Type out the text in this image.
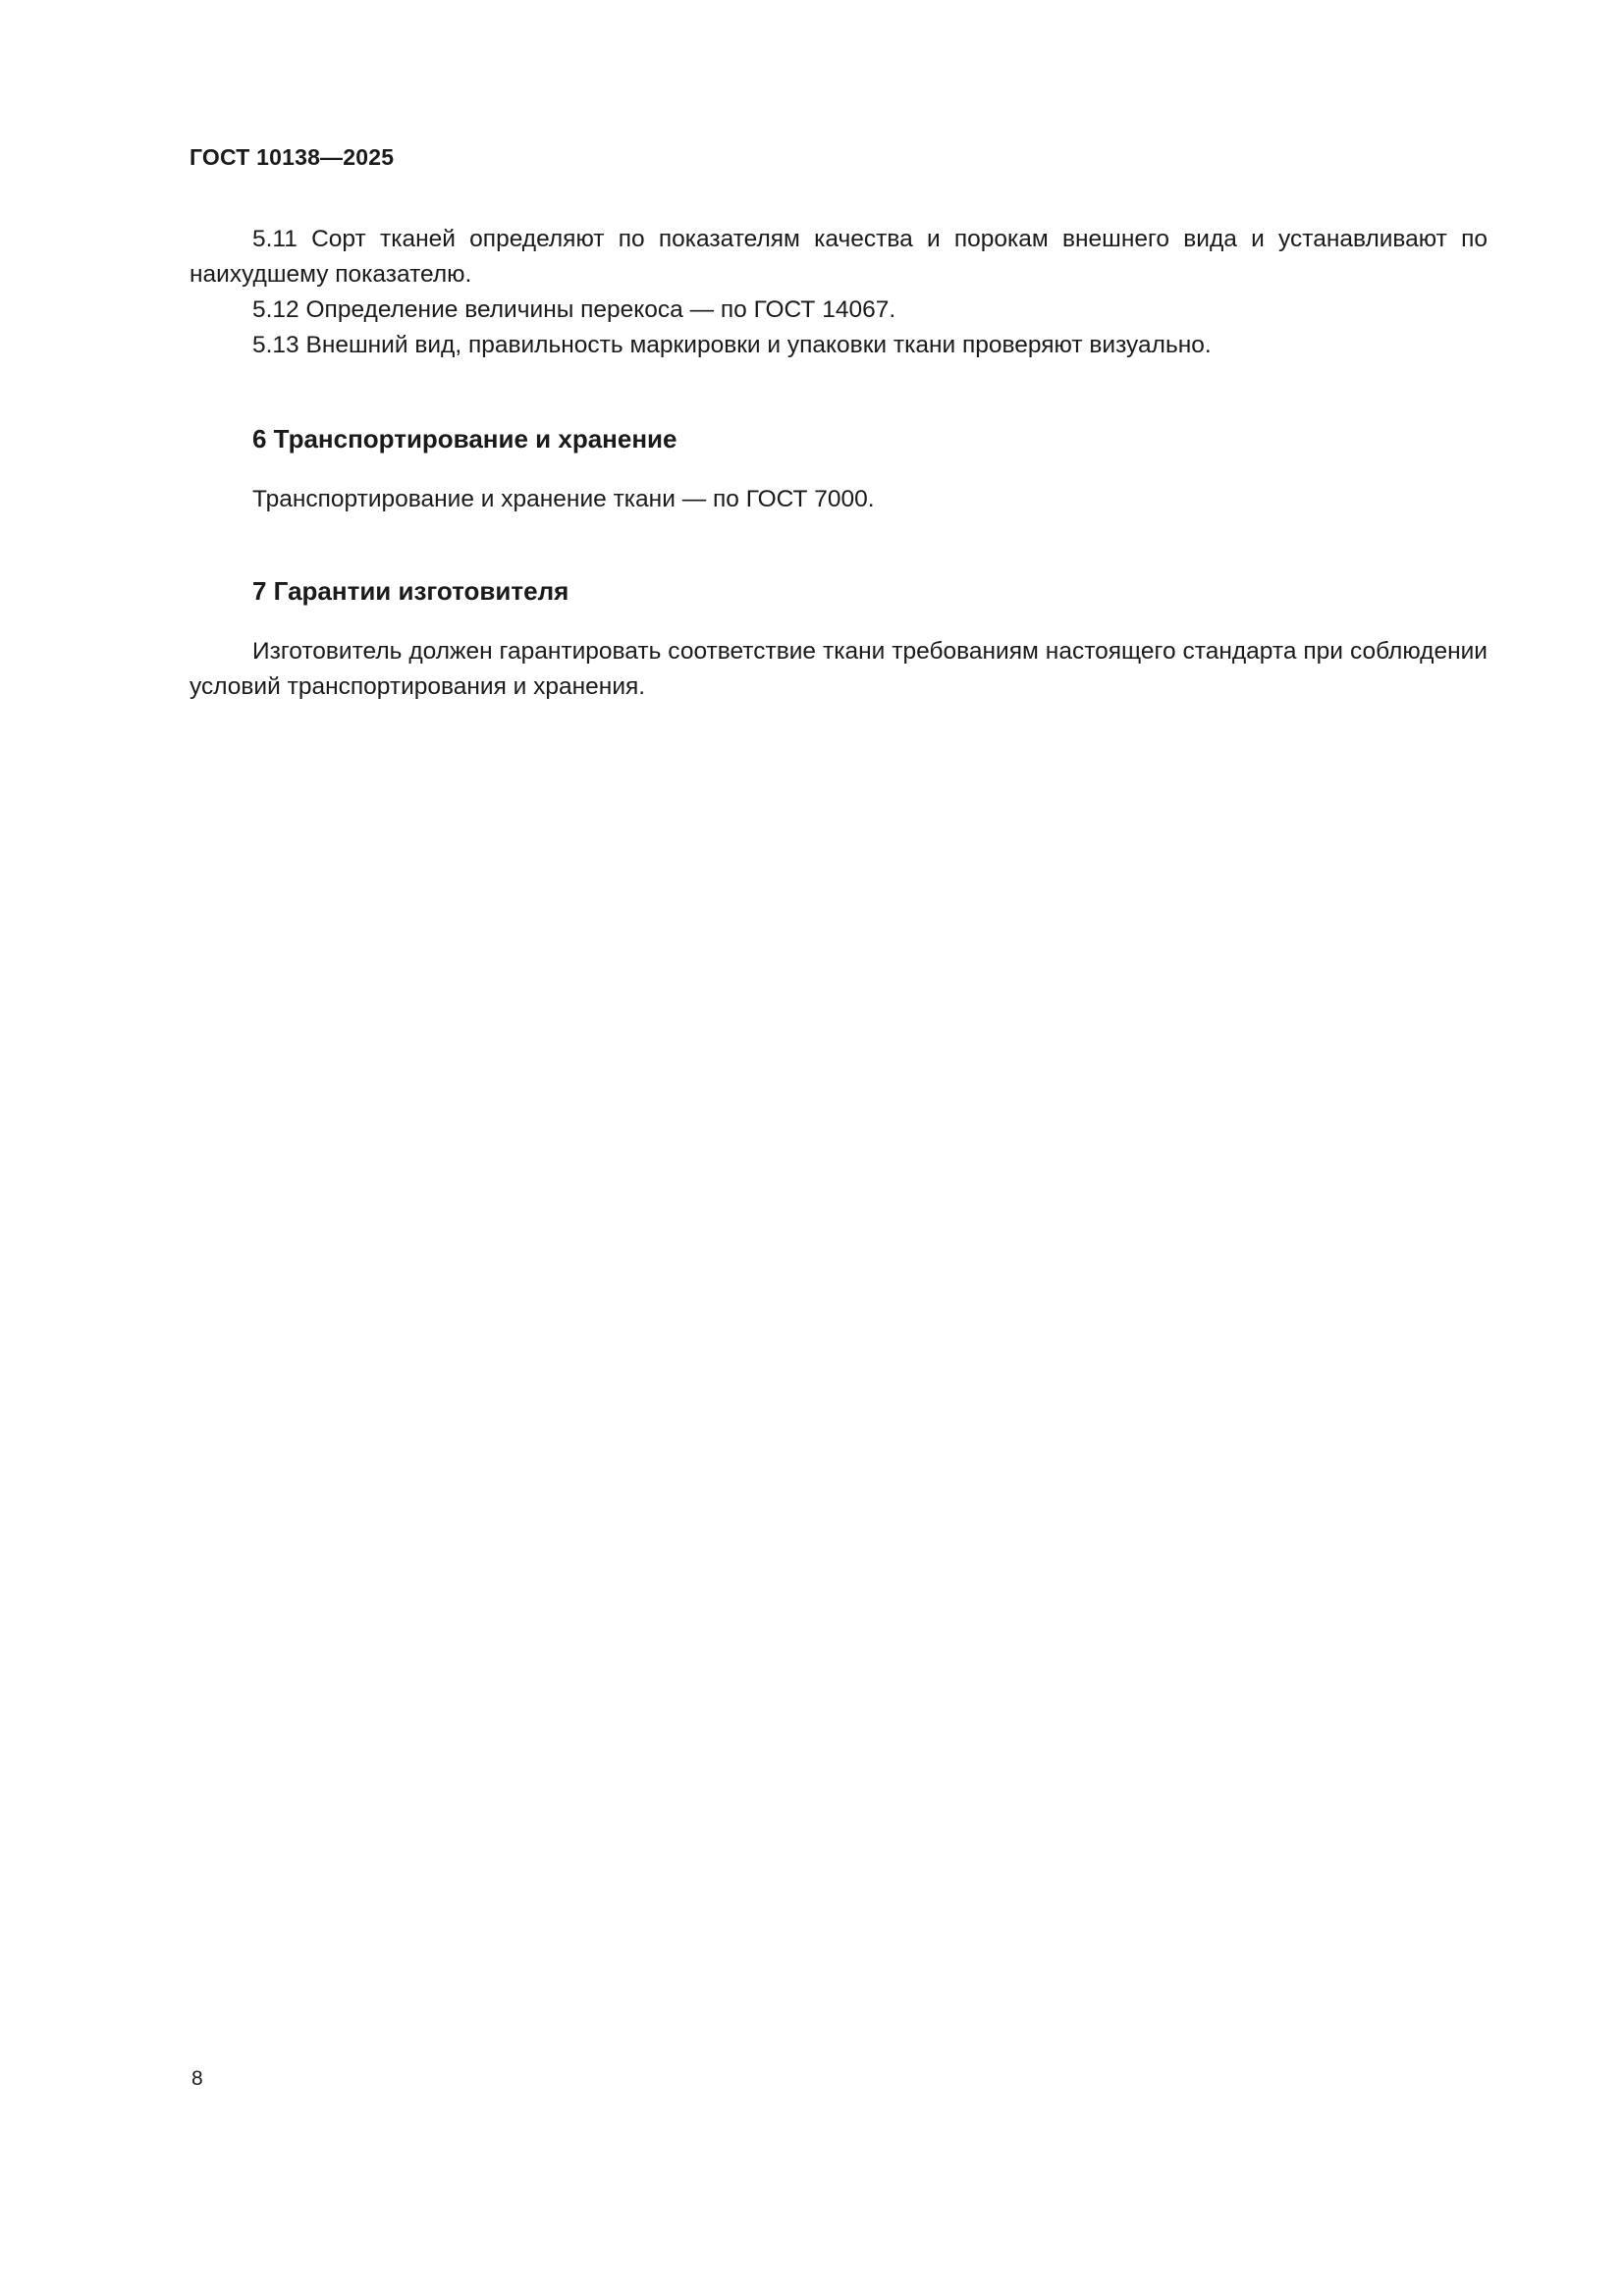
ГОСТ 10138—2025

5.11 Сорт тканей определяют по показателям качества и порокам внешнего вида и устанавливают по наихудшему показателю.

5.12 Определение величины перекоса — по ГОСТ 14067.

5.13 Внешний вид, правильность маркировки и упаковки ткани проверяют визуально.

6 Транспортирование и хранение

Транспортирование и хранение ткани — по ГОСТ 7000.

7 Гарантии изготовителя

Изготовитель должен гарантировать соответствие ткани требованиям настоящего стандарта при соблюдении условий транспортирования и хранения.

8
